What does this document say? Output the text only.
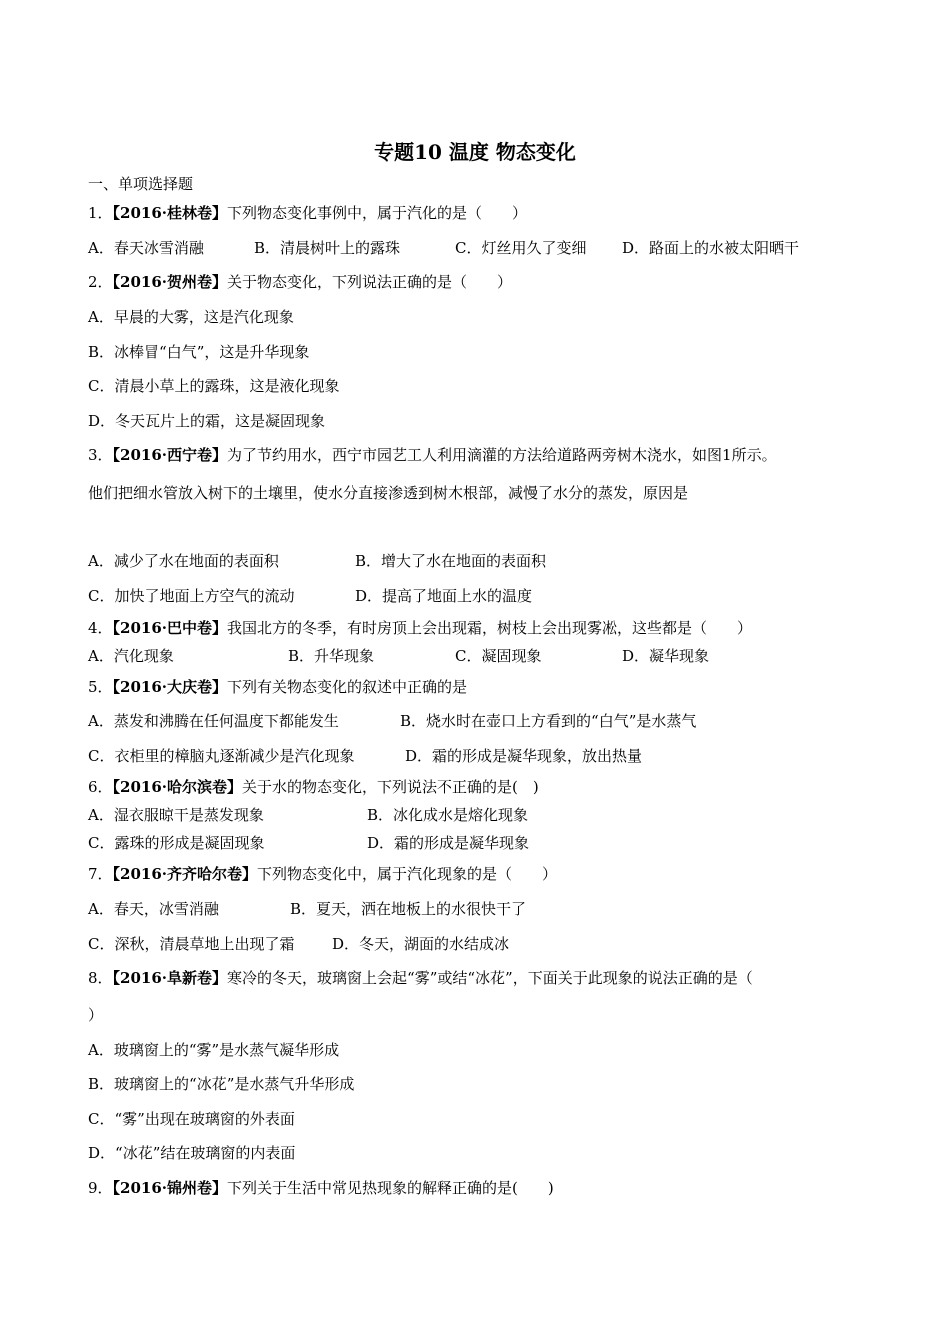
专题10 温度 物态变化
一、单项选择题
1．【2016·桂林卷】下列物态变化事例中，属于汽化的是（　　）
A．春天冰雪消融	B．清晨树叶上的露珠	C．灯丝用久了变细 D．路面上的水被太阳晒干
2．【2016·贺州卷】关于物态变化，下列说法正确的是（　　）
A．早晨的大雾，这是汽化现象
B．冰棒冒“白气”，这是升华现象
C．清晨小草上的露珠，这是液化现象
D．冬天瓦片上的霜，这是凝固现象
3．【2016·西宁卷】为了节约用水，西宁市园艺工人利用滴灌的方法给道路两旁树木浇水，如图1所示。
他们把细水管放入树下的土壤里，使水分直接渗透到树木根部，减慢了水分的蒸发，原因是
A．减少了水在地面的表面积	B．增大了水在地面的表面积
C．加快了地面上方空气的流动	D．提高了地面上水的温度
4．【2016·巴中卷】我国北方的冬季，有时房顶上会出现霜，树枝上会出现雾凇，这些都是（　　）
A．汽化现象	B．升华现象	C．凝固现象	D．凝华现象
5．【2016·大庆卷】下列有关物态变化的叙述中正确的是
A．蒸发和沸腾在任何温度下都能发生	B．烧水时在壶口上方看到的“白气”是水蒸气
C．衣柜里的樟脑丸逐渐减少是汽化现象	D．霜的形成是凝华现象，放出热量
6．【2016·哈尔滨卷】关于水的物态变化，下列说法不正确的是(　)
A．湿衣服晾干是蒸发现象	B．冰化成水是熔化现象
C．露珠的形成是凝固现象	D．霜的形成是凝华现象
7．【2016·齐齐哈尔卷】下列物态变化中，属于汽化现象的是（　　）
A．春天，冰雪消融	B．夏天，洒在地板上的水很快干了
C．深秋，清晨草地上出现了霜	D．冬天，湖面的水结成冰
8．【2016·阜新卷】寒冷的冬天，玻璃窗上会起“雾”或结“冰花”，下面关于此现象的说法正确的是（
）
A．玻璃窗上的“雾”是水蒸气凝华形成
B．玻璃窗上的“冰花”是水蒸气升华形成
C．“雾”出现在玻璃窗的外表面
D．“冰花”结在玻璃窗的内表面
9．【2016·锦州卷】下列关于生活中常见热现象的解释正确的是(　　)
